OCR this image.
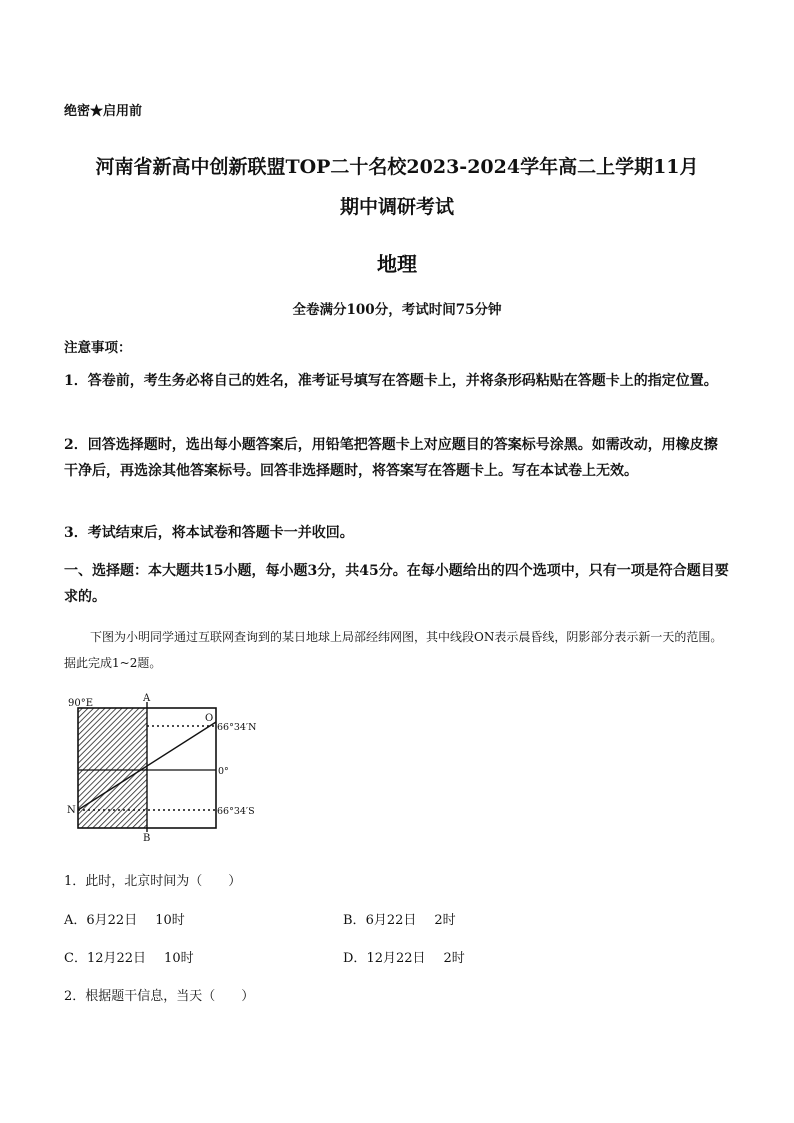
绝密★启用前
河南省新高中创新联盟TOP二十名校2023-2024学年高二上学期11月
期中调研考试
地理
全卷满分100分，考试时间75分钟
注意事项：
1．答卷前，考生务必将自己的姓名，准考证号填写在答题卡上，并将条形码粘贴在答题卡上的指定位置。
2．回答选择题时，选出每小题答案后，用铅笔把答题卡上对应题目的答案标号涂黑。如需改动，用橡皮擦干净后，再选涂其他答案标号。回答非选择题时，将答案写在答题卡上。写在本试卷上无效。
3．考试结束后，将本试卷和答题卡一并收回。
一、选择题：本大题共15小题，每小题3分，共45分。在每小题给出的四个选项中，只有一项是符合题目要求的。
下图为小明同学通过互联网查询到的某日地球上局部经纬网图，其中线段ON表示晨昏线，阴影部分表示新一天的范围。据此完成1~2题。
90°E	A
B
O
N
66°34′N
0°
66°34′S
1．此时，北京时间为（　　）
A．6月22日 10时	B．6月22日 2时
C．12月22日 10时	D．12月22日 2时
2．根据题干信息，当天（　　）
